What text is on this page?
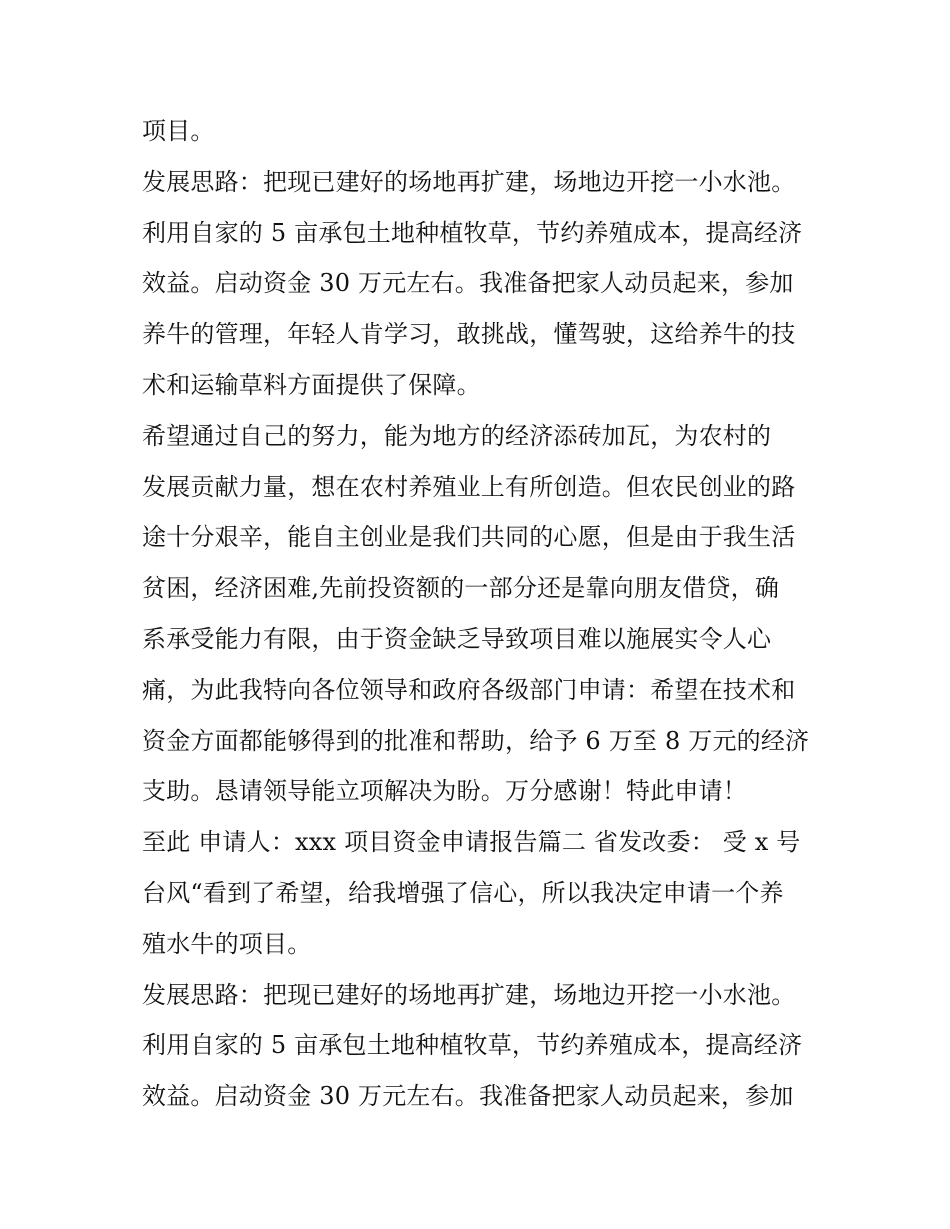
项目。
发展思路：把现已建好的场地再扩建，场地边开挖一小水池。
利用自家的 5 亩承包土地种植牧草，节约养殖成本，提高经济
效益。启动资金 30 万元左右。我准备把家人动员起来，参加
养牛的管理，年轻人肯学习，敢挑战，懂驾驶，这给养牛的技
术和运输草料方面提供了保障。
希望通过自己的努力，能为地方的经济添砖加瓦，为农村的
发展贡献力量，想在农村养殖业上有所创造。但农民创业的路
途十分艰辛，能自主创业是我们共同的心愿，但是由于我生活
贫困，经济困难,先前投资额的一部分还是靠向朋友借贷，确
系承受能力有限，由于资金缺乏导致项目难以施展实令人心
痛，为此我特向各位领导和政府各级部门申请：希望在技术和
资金方面都能够得到的批准和帮助，给予 6 万至 8 万元的经济
支助。恳请领导能立项解决为盼。万分感谢！特此申请！
至此 申请人：xxx 项目资金申请报告篇二 省发改委： 受 x 号
台风“看到了希望，给我增强了信心，所以我决定申请一个养
殖水牛的项目。
发展思路：把现已建好的场地再扩建，场地边开挖一小水池。
利用自家的 5 亩承包土地种植牧草，节约养殖成本，提高经济
效益。启动资金 30 万元左右。我准备把家人动员起来，参加
